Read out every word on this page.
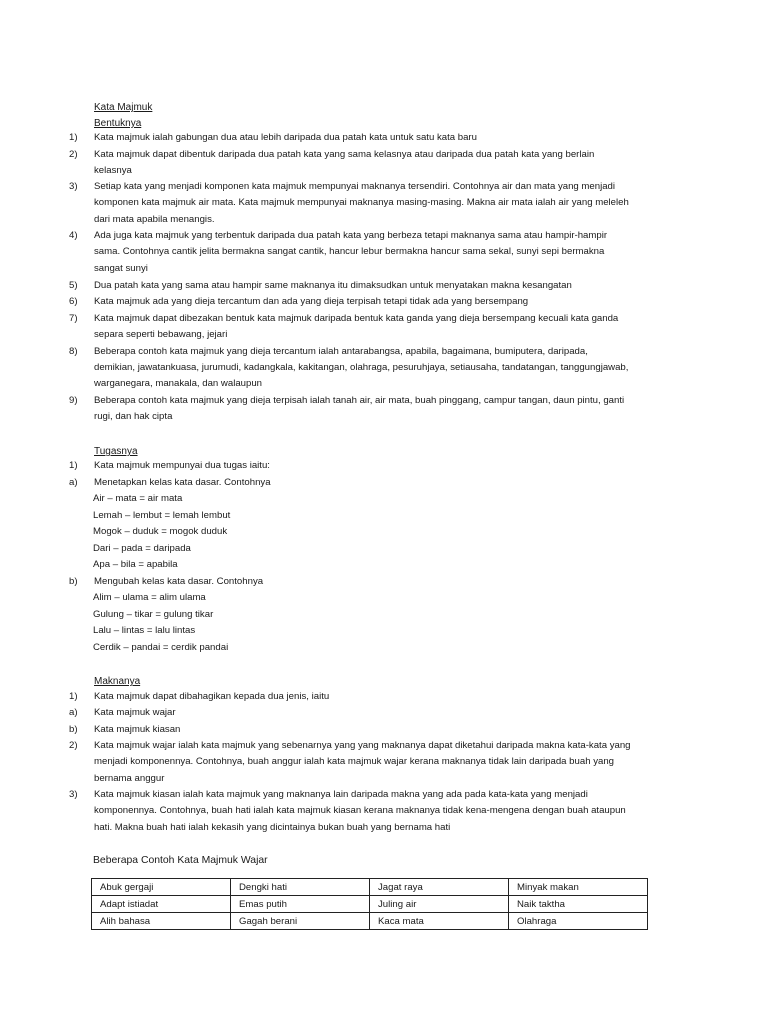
Kata Majmuk
Bentuknya
1)	Kata majmuk ialah gabungan dua atau lebih daripada dua patah kata untuk satu kata baru
2)	Kata majmuk dapat dibentuk daripada dua patah kata yang sama kelasnya atau daripada dua patah kata yang berlain
kelasnya
3)	Setiap kata yang menjadi komponen kata majmuk mempunyai maknanya tersendiri. Contohnya air dan mata yang menjadi
komponen kata majmuk air mata. Kata majmuk mempunyai maknanya masing-masing. Makna air mata ialah air yang meleleh
dari mata apabila menangis.
4)	Ada juga kata majmuk yang terbentuk daripada dua patah kata yang berbeza tetapi maknanya sama atau hampir-hampir
sama. Contohnya cantik jelita bermakna sangat cantik, hancur lebur bermakna hancur sama sekal, sunyi sepi bermakna
sangat sunyi
5)	Dua patah kata yang sama atau hampir same maknanya itu dimaksudkan untuk menyatakan makna kesangatan
6)	Kata majmuk ada yang dieja tercantum dan ada yang dieja terpisah tetapi tidak ada yang bersempang
7)	Kata majmuk dapat dibezakan bentuk kata majmuk daripada bentuk kata ganda yang dieja bersempang kecuali kata ganda
separa seperti bebawang, jejari
8)	Beberapa contoh kata majmuk yang dieja tercantum ialah antarabangsa, apabila, bagaimana, bumiputera, daripada,
demikian, jawatankuasa, jurumudi, kadangkala, kakitangan, olahraga, pesuruhjaya, setiausaha, tandatangan, tanggungjawab,
warganegara, manakala, dan walaupun
9)	Beberapa contoh kata majmuk yang dieja terpisah ialah tanah air, air mata, buah pinggang, campur tangan, daun pintu, ganti
rugi, dan hak cipta
Tugasnya
1)	Kata majmuk mempunyai dua tugas iaitu:
a)	Menetapkan kelas kata dasar. Contohnya
Air – mata = air mata
Lemah – lembut = lemah lembut
Mogok – duduk = mogok duduk
Dari – pada = daripada
Apa – bila = apabila
b)	Mengubah kelas kata dasar. Contohnya
Alim – ulama = alim ulama
Gulung – tikar = gulung tikar
Lalu – lintas = lalu lintas
Cerdik – pandai = cerdik pandai
Maknanya
1)	Kata majmuk dapat dibahagikan kepada dua jenis, iaitu
a)	Kata majmuk wajar
b)	Kata majmuk kiasan
2)	Kata majmuk wajar ialah kata majmuk yang sebenarnya yang yang maknanya dapat diketahui daripada makna kata-kata yang
menjadi komponennya. Contohnya, buah anggur ialah kata majmuk wajar kerana maknanya tidak lain daripada buah yang
bernama anggur
3)	Kata majmuk kiasan ialah kata majmuk yang maknanya lain daripada makna yang ada pada kata-kata yang menjadi
komponennya. Contohnya, buah hati ialah kata majmuk kiasan kerana maknanya tidak kena-mengena dengan buah ataupun
hati. Makna buah hati ialah kekasih yang dicintainya bukan buah yang bernama hati
Beberapa Contoh Kata Majmuk Wajar
Abuk gergaji	Dengki hati	Jagat raya	Minyak makan
Adapt istiadat	Emas putih	Juling air	Naik taktha
Alih bahasa	Gagah berani	Kaca mata	Olahraga
